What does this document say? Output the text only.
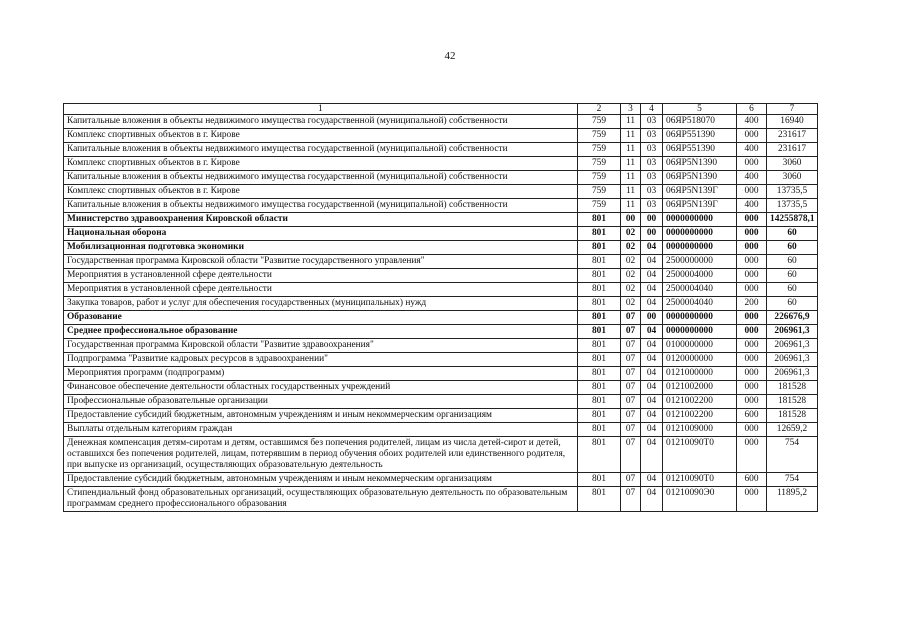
42
1	2	3	4	5	6	7
Капитальные вложения в объекты недвижимого имущества государственной (муниципальной) собственности	759	11	03	06ЯР518070	400	16940
Комплекс спортивных объектов в г. Кирове	759	11	03	06ЯР551390	000	231617
Капитальные вложения в объекты недвижимого имущества государственной (муниципальной) собственности	759	11	03	06ЯР551390	400	231617
Комплекс спортивных объектов в г. Кирове	759	11	03	06ЯР5N1390	000	3060
Капитальные вложения в объекты недвижимого имущества государственной (муниципальной) собственности	759	11	03	06ЯР5N1390	400	3060
Комплекс спортивных объектов в г. Кирове	759	11	03	06ЯР5N139Г	000	13735,5
Капитальные вложения в объекты недвижимого имущества государственной (муниципальной) собственности	759	11	03	06ЯР5N139Г	400	13735,5
Министерство здравоохранения Кировской области	801	00	00	0000000000	000	14255878,1
Национальная оборона	801	02	00	0000000000	000	60
Мобилизационная подготовка экономики	801	02	04	0000000000	000	60
Государственная программа Кировской области "Развитие государственного управления"	801	02	04	2500000000	000	60
Мероприятия в установленной сфере деятельности	801	02	04	2500004000	000	60
Мероприятия в установленной сфере деятельности	801	02	04	2500004040	000	60
Закупка товаров, работ и услуг для обеспечения государственных (муниципальных) нужд	801	02	04	2500004040	200	60
Образование	801	07	00	0000000000	000	226676,9
Среднее профессиональное образование	801	07	04	0000000000	000	206961,3
Государственная программа Кировской области "Развитие здравоохранения"	801	07	04	0100000000	000	206961,3
Подпрограмма "Развитие кадровых ресурсов в здравоохранении"	801	07	04	0120000000	000	206961,3
Мероприятия программ (подпрограмм)	801	07	04	0121000000	000	206961,3
Финансовое обеспечение деятельности областных государственных учреждений	801	07	04	0121002000	000	181528
Профессиональные образовательные организации	801	07	04	0121002200	000	181528
Предоставление субсидий бюджетным, автономным учреждениям и иным некоммерческим организациям	801	07	04	0121002200	600	181528
Выплаты отдельным категориям граждан	801	07	04	0121009000	000	12659,2
Денежная компенсация детям-сиротам и детям, оставшимся без попечения родителей, лицам из числа детей-сирот и детей, оставшихся без попечения родителей, лицам, потерявшим в период обучения обоих родителей или единственного родителя, при выпуске из организаций, осуществляющих образовательную деятельность	801	07	04	01210090Т0	000	754
Предоставление субсидий бюджетным, автономным учреждениям и иным некоммерческим организациям	801	07	04	01210090Т0	600	754
Стипендиальный фонд образовательных организаций, осуществляющих образовательную деятельность по образовательным программам среднего профессионального образования	801	07	04	01210090Э0	000	11895,2
